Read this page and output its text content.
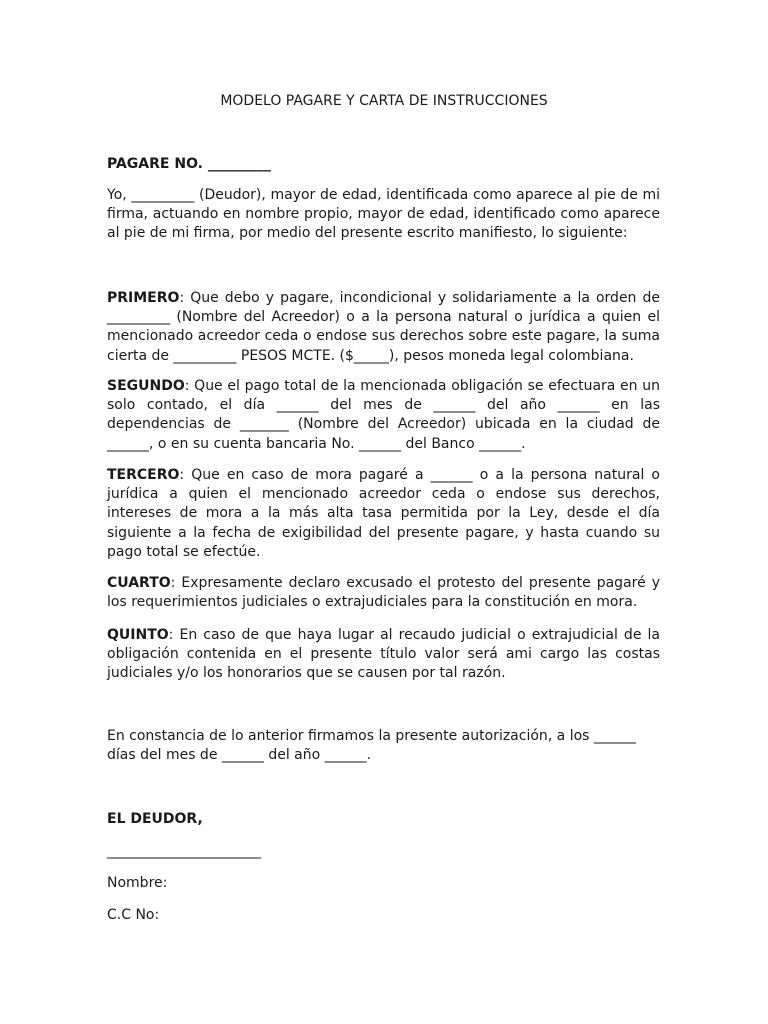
MODELO PAGARE Y CARTA DE INSTRUCCIONES
PAGARE NO. _________

Yo, _________ (Deudor), mayor de edad, identificada como aparece al pie de mi firma, actuando en nombre propio, mayor de edad, identificado como aparece al pie de mi firma, por medio del presente escrito manifiesto, lo siguiente:

PRIMERO: Que debo y pagare, incondicional y solidariamente a la orden de _________ (Nombre del Acreedor) o a la persona natural o jurídica a quien el mencionado acreedor ceda o endose sus derechos sobre este pagare, la suma cierta de _________ PESOS MCTE. ($_____), pesos moneda legal colombiana.

SEGUNDO: Que el pago total de la mencionada obligación se efectuara en un solo contado, el día ______ del mes de ______ del año ______ en las dependencias de _______ (Nombre del Acreedor) ubicada en la ciudad de ______, o en su cuenta bancaria No. ______ del Banco ______.

TERCERO: Que en caso de mora pagaré a ______ o a la persona natural o jurídica a quien el mencionado acreedor ceda o endose sus derechos, intereses de mora a la más alta tasa permitida por la Ley, desde el día siguiente a la fecha de exigibilidad del presente pagare, y hasta cuando su pago total se efectúe.

CUARTO: Expresamente declaro excusado el protesto del presente pagaré y los requerimientos judiciales o extrajudiciales para la constitución en mora.

QUINTO: En caso de que haya lugar al recaudo judicial o extrajudicial de la obligación contenida en el presente título valor será ami cargo las costas judiciales y/o los honorarios que se causen por tal razón.

En constancia de lo anterior firmamos la presente autorización, a los ______ días del mes de ______ del año ______.

EL DEUDOR,
______________________
Nombre:
C.C No:
